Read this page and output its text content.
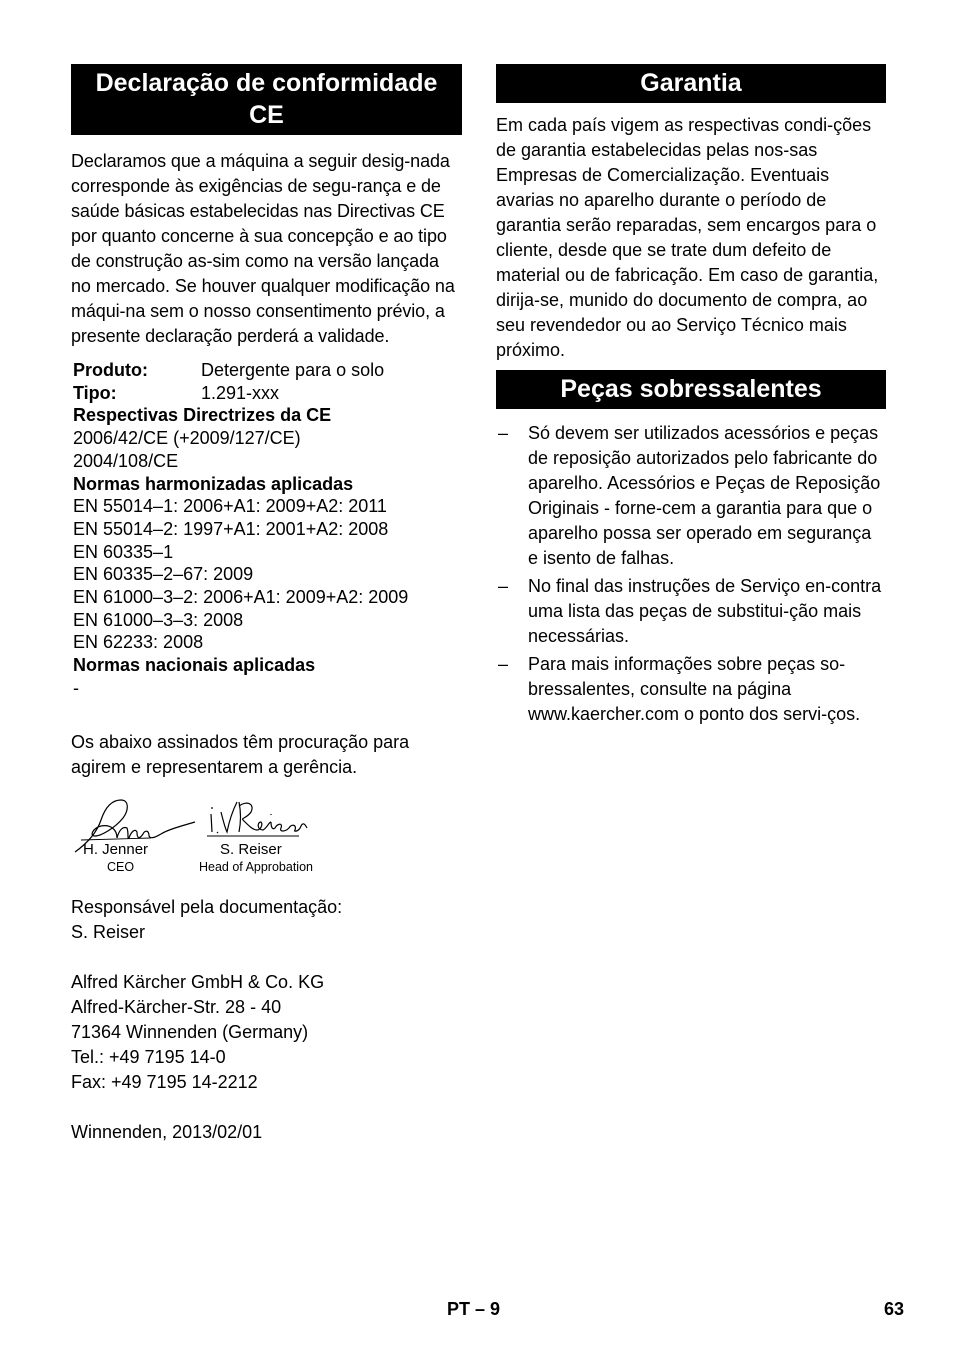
Declaração de conformidade CE

Declaramos que a máquina a seguir desig-nada corresponde às exigências de segu-rança e de saúde básicas estabelecidas nas Directivas CE por quanto concerne à sua concepção e ao tipo de construção as-sim como na versão lançada no mercado. Se houver qualquer modificação na máqui-na sem o nosso consentimento prévio, a presente declaração perderá a validade.

Produto:	Detergente para o solo
Tipo:	1.291-xxx
Respectivas Directrizes da CE
2006/42/CE (+2009/127/CE)
2004/108/CE
Normas harmonizadas aplicadas
EN 55014–1: 2006+A1: 2009+A2: 2011
EN 55014–2: 1997+A1: 2001+A2: 2008
EN 60335–1
EN 60335–2–67: 2009
EN 61000–3–2: 2006+A1: 2009+A2: 2009
EN 61000–3–3: 2008
EN 62233: 2008
Normas nacionais aplicadas
-

Os abaixo assinados têm procuração para agirem e representarem a gerência.

H. Jenner
CEO
S. Reiser
Head of Approbation

Responsável pela documentação:

S. Reiser

Alfred Kärcher GmbH & Co. KG

Alfred-Kärcher-Str. 28 - 40

71364 Winnenden (Germany)

Tel.: +49 7195 14-0

Fax: +49 7195 14-2212

Winnenden, 2013/02/01

Garantia

Em cada país vigem as respectivas condi-ções de garantia estabelecidas pelas nos-sas Empresas de Comercialização. Eventuais avarias no aparelho durante o período de garantia serão reparadas, sem encargos para o cliente, desde que se trate dum defeito de material ou de fabricação. Em caso de garantia, dirija-se, munido do documento de compra, ao seu revendedor ou ao Serviço Técnico mais próximo.

Peças sobressalentes
– Só devem ser utilizados acessórios e peças de reposição autorizados pelo fabricante do aparelho. Acessórios e Peças de Reposição Originais - forne-cem a garantia para que o aparelho possa ser operado em segurança e isento de falhas.
– No final das instruções de Serviço en-contra uma lista das peças de substitui-ção mais necessárias.
– Para mais informações sobre peças so-bressalentes, consulte na página www.kaercher.com o ponto dos servi-ços.
PT – 9	63
